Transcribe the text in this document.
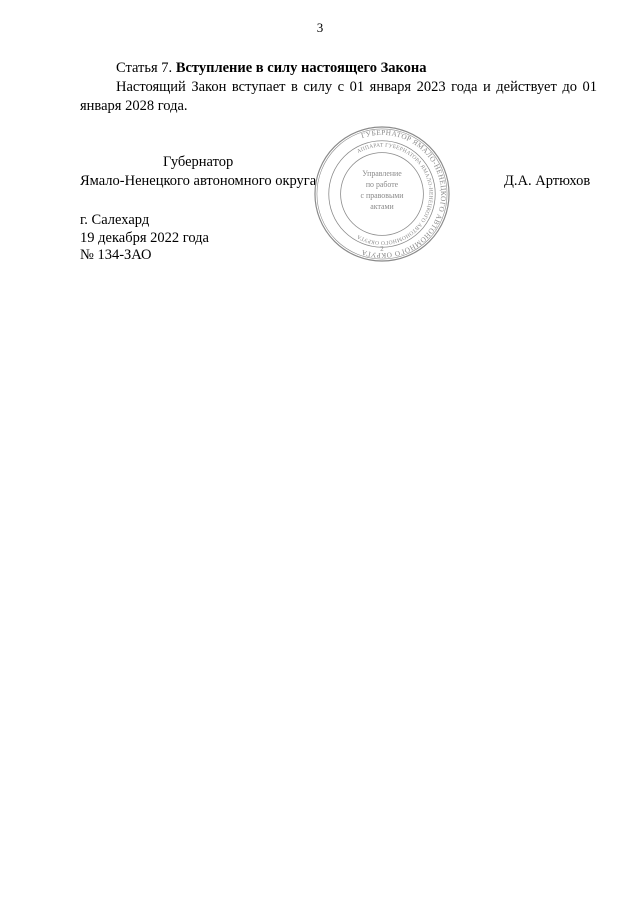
3
Статья 7. Вступление в силу настоящего Закона
Настоящий Закон вступает в силу с 01 января 2023 года и действует до 01 января 2028 года.
Губернатор
Ямало-Ненецкого автономного округа	Д.А. Артюхов
ГУБЕРНАТОР ЯМАЛО-НЕНЕЦКОГО АВТОНОМНОГО ОКРУГА
АППАРАТ ГУБЕРНАТОРА ЯМАЛО-НЕНЕЦКОГО АВТОНОМНОГО ОКРУГА
Управление
по работе
с правовыми
актами
2
г. Салехард
19 декабря 2022 года
№ 134-ЗАО
